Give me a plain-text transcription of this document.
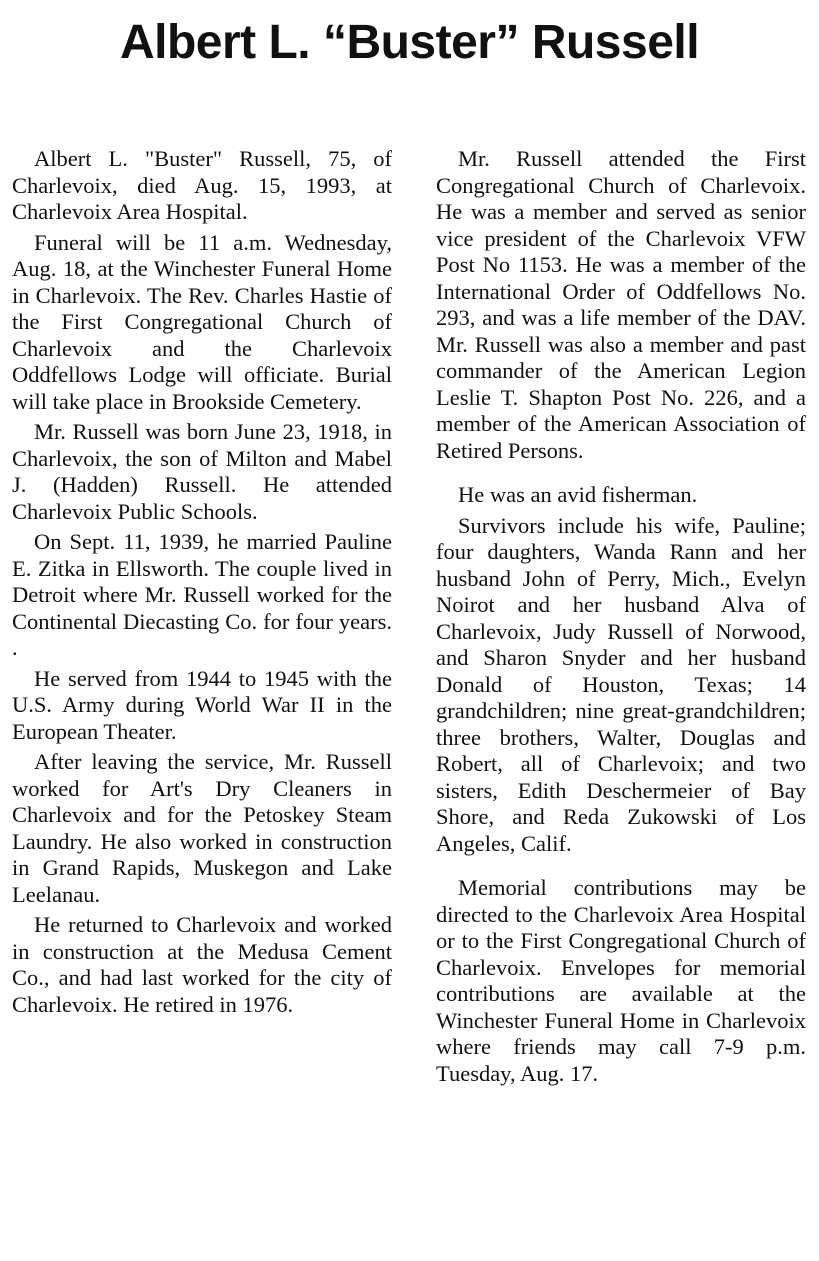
Albert L. “Buster” Russell

Albert L. "Buster" Russell, 75, of Charlevoix, died Aug. 15, 1993, at Charlevoix Area Hospital.

Funeral will be 11 a.m. Wednesday, Aug. 18, at the Winchester Funeral Home in Charlevoix. The Rev. Charles Hastie of the First Congregational Church of Charlevoix and the Charlevoix Oddfellows Lodge will officiate. Burial will take place in Brookside Cemetery.

Mr. Russell was born June 23, 1918, in Charlevoix, the son of Milton and Mabel J. (Hadden) Russell. He attended Charlevoix Public Schools.

On Sept. 11, 1939, he married Pauline E. Zitka in Ellsworth. The couple lived in Detroit where Mr. Russell worked for the Continental Diecasting Co. for four years. .

He served from 1944 to 1945 with the U.S. Army during World War II in the European Theater.

After leaving the service, Mr. Russell worked for Art's Dry Cleaners in Charlevoix and for the Petoskey Steam Laundry. He also worked in construction in Grand Rapids, Muskegon and Lake Leelanau.

He returned to Charlevoix and worked in construction at the Medusa Cement Co., and had last worked for the city of Charlevoix. He retired in 1976.

Mr. Russell attended the First Congregational Church of Charlevoix. He was a member and served as senior vice president of the Charlevoix VFW Post No 1153. He was a member of the International Order of Oddfellows No. 293, and was a life member of the DAV. Mr. Russell was also a member and past commander of the American Legion Leslie T. Shapton Post No. 226, and a member of the American Association of Retired Persons.

He was an avid fisherman.

Survivors include his wife, Pauline; four daughters, Wanda Rann and her husband John of Perry, Mich., Evelyn Noirot and her husband Alva of Charlevoix, Judy Russell of Norwood, and Sharon Snyder and her husband Donald of Houston, Texas; 14 grandchildren; nine great-grandchildren; three brothers, Walter, Douglas and Robert, all of Charlevoix; and two sisters, Edith Deschermeier of Bay Shore, and Reda Zukowski of Los Angeles, Calif.

Memorial contributions may be directed to the Charlevoix Area Hospital or to the First Congregational Church of Charlevoix. Envelopes for memorial contributions are available at the Winchester Funeral Home in Charlevoix where friends may call 7-9 p.m. Tuesday, Aug. 17.
